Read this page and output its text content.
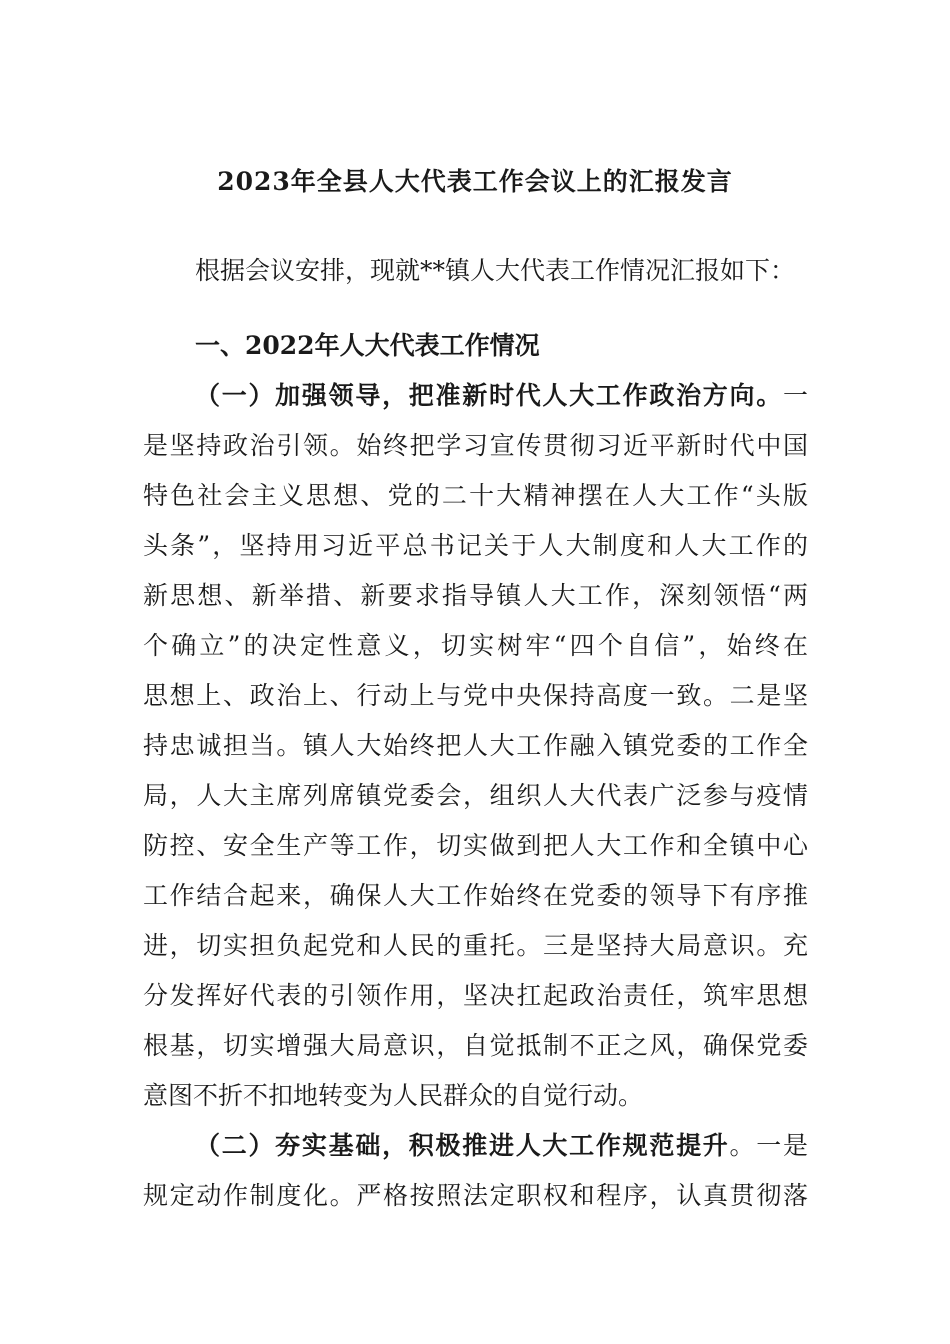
2023年全县人大代表工作会议上的汇报发言
根据会议安排，现就**镇人大代表工作情况汇报如下：
一、2022年人大代表工作情况
（一）加强领导，把准新时代人大工作政治方向。一
是坚持政治引领。始终把学习宣传贯彻习近平新时代中国
特色社会主义思想、党的二十大精神摆在人大工作“头版
头条”，坚持用习近平总书记关于人大制度和人大工作的
新思想、新举措、新要求指导镇人大工作，深刻领悟“两
个确立”的决定性意义，切实树牢“四个自信”，始终在
思想上、政治上、行动上与党中央保持高度一致。二是坚
持忠诚担当。镇人大始终把人大工作融入镇党委的工作全
局，人大主席列席镇党委会，组织人大代表广泛参与疫情
防控、安全生产等工作，切实做到把人大工作和全镇中心
工作结合起来，确保人大工作始终在党委的领导下有序推
进，切实担负起党和人民的重托。三是坚持大局意识。充
分发挥好代表的引领作用，坚决扛起政治责任，筑牢思想
根基，切实增强大局意识，自觉抵制不正之风，确保党委
意图不折不扣地转变为人民群众的自觉行动。
（二）夯实基础，积极推进人大工作规范提升。一是
规定动作制度化。严格按照法定职权和程序，认真贯彻落
